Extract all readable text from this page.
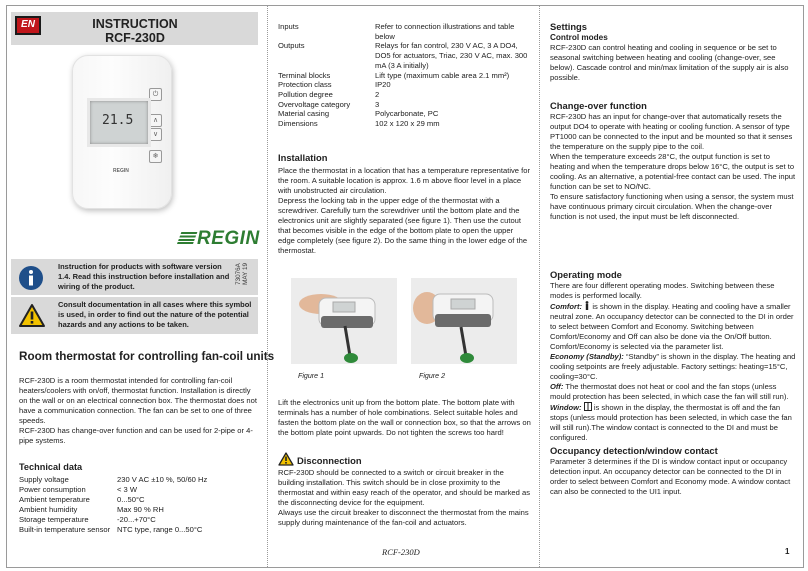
EN	INSTRUCTION
RCF-230D
⏻
∧
∨
❄
21.5
REGIN
REGIN
Instruction for products with software version 1.4. Read this instruction before installation and wiring of the product.
73076A
MAY 19
Consult documentation in all cases where this symbol is used, in order to find out the nature of the potential hazards and any actions to be taken.
Room thermostat for controlling fan-coil units

RCF-230D is a room thermostat intended for controlling fan-coil heaters/coolers with on/off, thermostat function. Installation is directly on the wall or on an electrical connection box. The thermostat does not have a communication connection. The fan can be set to one of three speeds.

RCF-230D has change-over function and can be used for 2-pipe or 4-pipe systems.

Technical data
Supply voltage	230 V AC ±10 %, 50/60 Hz
Power consumption	< 3 W
Ambient temperature	0...50°C
Ambient humidity	Max 90 % RH
Storage temperature	-20...+70°C
Built-in temperature sensor NTC type, range 0...50°C
Inputs	Refer to connection illustrations and table below
Outputs	Relays for fan control, 230 V AC, 3 A DO4, DO5 for actuators, Triac, 230 V AC, max. 300 mA (3 A initially)
Terminal blocks	Lift type (maximum cable area 2.1 mm²)
Protection class	IP20
Pollution degree	2
Overvoltage category	3
Material casing	Polycarbonate, PC
Dimensions	102 x 120 x 29 mm
Installation

Place the thermostat in a location that has a temperature representative for the room. A suitable location is approx. 1.6 m above floor level in a place with unobstructed air circulation.

Depress the locking tab in the upper edge of the thermostat with a screwdriver. Carefully turn the screwdriver until the bottom plate and the electronics unit are slightly separated (see figure 1). Then use the cutout that becomes visible in the edge of the bottom plate to open the upper edge completely (see figure 2). Do the same thing in the lower edge of the thermostat.

Figure 1	Figure 2

Lift the electronics unit up from the bottom plate. The bottom plate with terminals has a number of hole combinations. Select suitable holes and fasten the bottom plate on the wall or connection box, so that the arrows on the bottom plate point upwards. Do not tighten the screws too hard!

Disconnection

RCF-230D should be connected to a switch or circuit breaker in the building installation. This switch should be in close proximity to the thermostat and within easy reach of the operator, and should be marked as the disconnecting device for the equipment.

Always use the circuit breaker to disconnect the thermostat from the mains supply during maintenance of the fan-coil and actuators.

Settings
Control modes

RCF-230D can control heating and cooling in sequence or be set to seasonal switching between heating and cooling (change-over, see below). Cascade control and min/max limitation of the supply air is also possible.

Change-over function

RCF-230D has an input for change-over that automatically resets the output DO4 to operate with heating or cooling function. A sensor of type PT1000 can be connected to the input and be mounted so that it senses the temperature on the supply pipe to the coil.

When the temperature exceeds 28°C, the output function is set to heating and when the temperature drops below 16°C, the output is set to cooling. As an alternative, a potential-free contact can be used. The input function can be set to NO/NC.

To ensure satisfactory functioning when using a sensor, the system must have continuous primary circuit circulation. When the change-over function is not used, the input must be left disconnected.

Operating mode

There are four different operating modes. Switching between these modes is performed locally.

Comfort: is shown in the display. Heating and cooling have a smaller neutral zone. An occupancy detector can be connected to the DI in order to select between Comfort and Economy. Switching between Comfort/Economy and Off can also be done via the On/Off button. Comfort/Economy is selected via the parameter list.

Economy (Standby): “Standby” is shown in the display. The heating and cooling setpoints are freely adjustable. Factory settings: heating=15°C, cooling=30°C.

Off: The thermostat does not heat or cool and the fan stops (unless mould protection has been selected, in which case the fan will still run).

Window: is shown in the display, the thermostat is off and the fan stops (unless mould protection has been selected, in which case the fan will still run).The window contact is connected to the DI and must be configured.

Occupancy detection/window contact

Parameter 3 determines if the DI is window contact input or occupancy detection input. An occupancy detector can be connected to the DI in order to select between Comfort and Economy mode. A window contact can also be connected to the UI1 input.

RCF-230D	1
